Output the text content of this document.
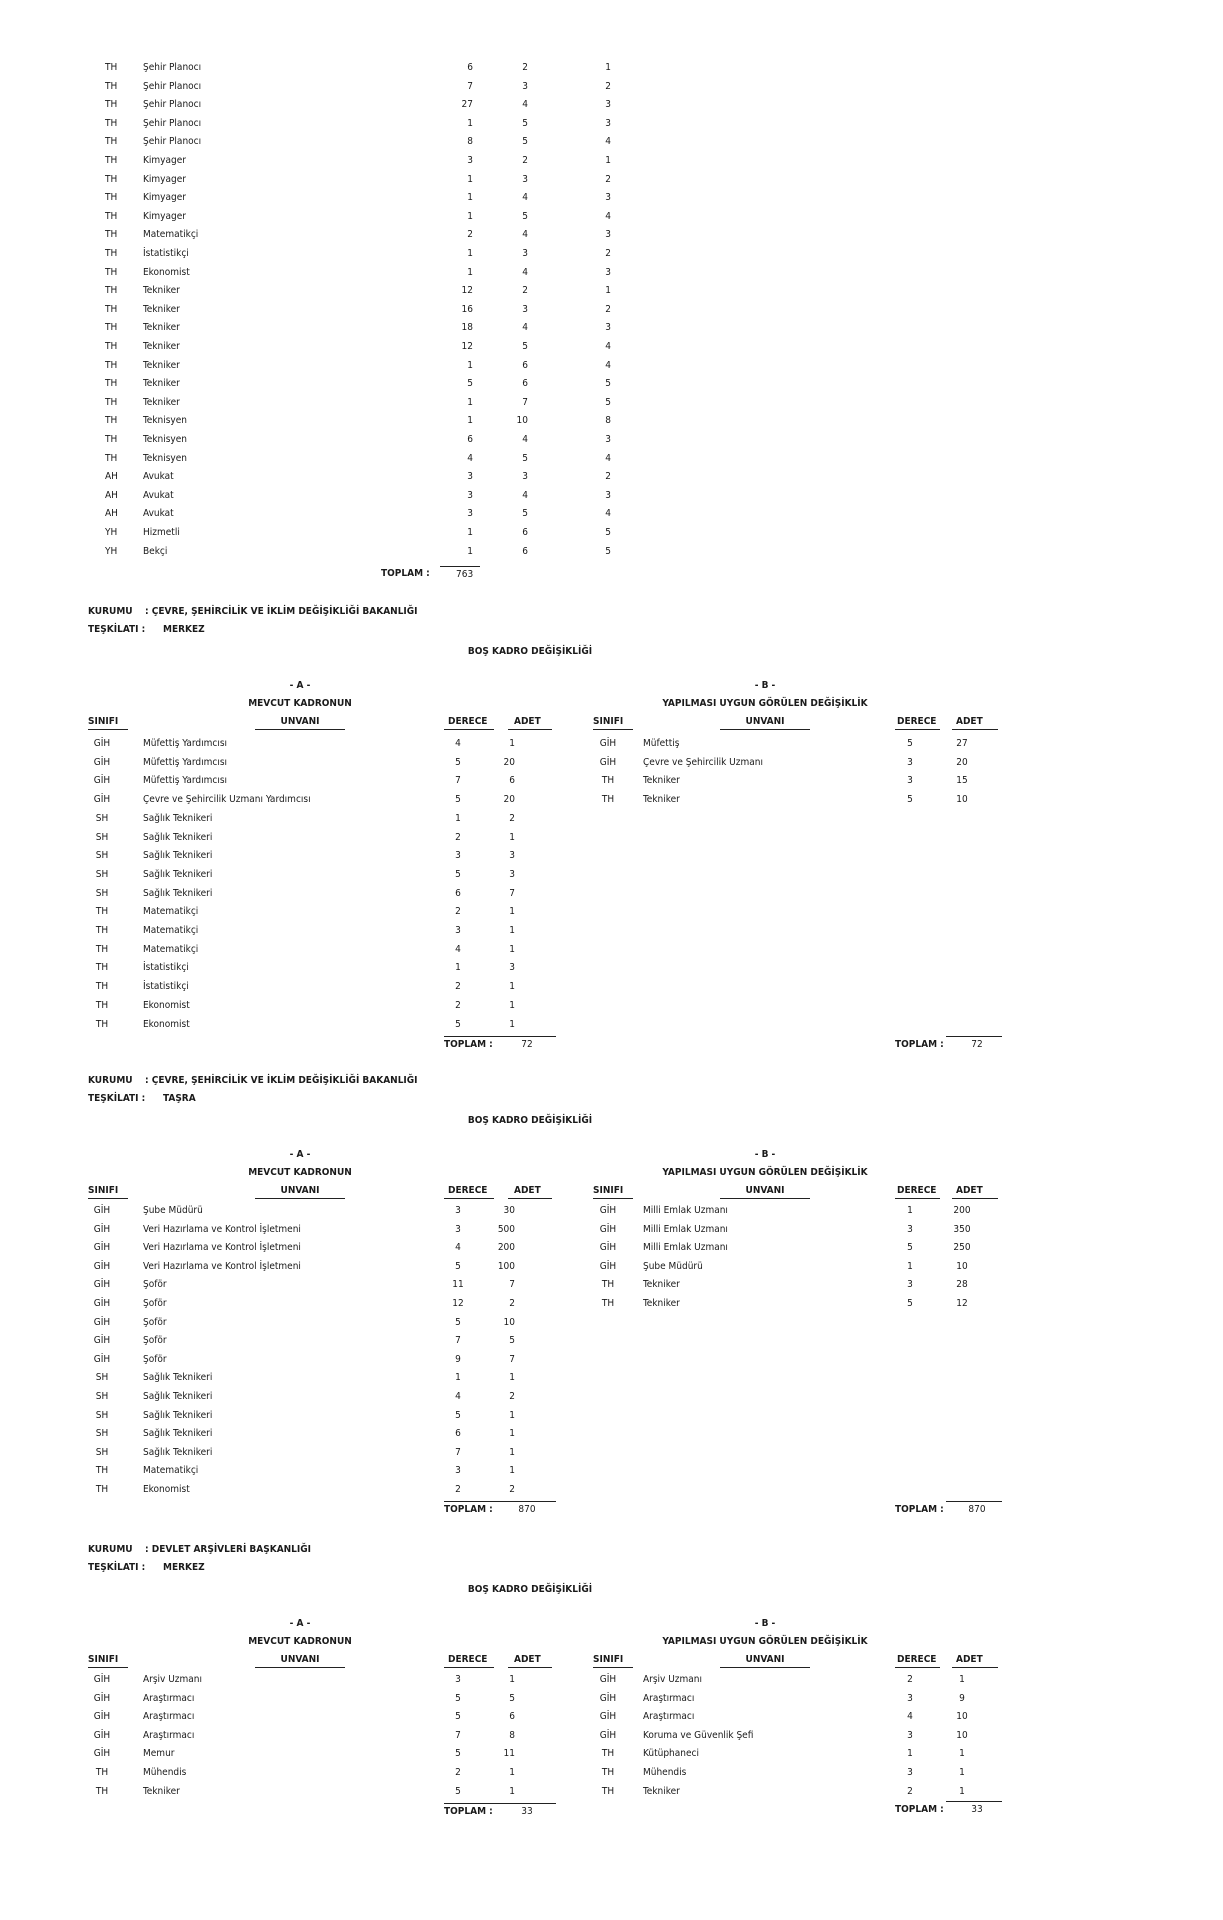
TH	Şehir Planocı	6	2	1
TH	Şehir Planocı	7	3	2
TH	Şehir Planocı	27	4	3
TH	Şehir Planocı	1	5	3
TH	Şehir Planocı	8	5	4
TH	Kimyager	3	2	1
TH	Kimyager	1	3	2
TH	Kimyager	1	4	3
TH	Kimyager	1	5	4
TH	Matematikçi	2	4	3
TH	İstatistikçi	1	3	2
TH	Ekonomist	1	4	3
TH	Tekniker	12	2	1
TH	Tekniker	16	3	2
TH	Tekniker	18	4	3
TH	Tekniker	12	5	4
TH	Tekniker	1	6	4
TH	Tekniker	5	6	5
TH	Tekniker	1	7	5
TH	Teknisyen	1	10	8
TH	Teknisyen	6	4	3
TH	Teknisyen	4	5	4
AH	Avukat	3	3	2
AH	Avukat	3	4	3
AH	Avukat	3	5	4
YH	Hizmetli	1	6	5
YH	Bekçi	1	6	5
TOPLAM :	763
KURUMU : ÇEVRE, ŞEHİRCİLİK VE İKLİM DEĞİŞİKLİĞİ BAKANLIĞI
TEŞKİLATI : MERKEZ
BOŞ KADRO DEĞİŞİKLİĞİ
- A -
MEVCUT KADRONUN
- B -
YAPILMASI UYGUN GÖRÜLEN DEĞİŞİKLİK
SINIFI	UNVANI	DERECE	ADET	SINIFI	UNVANI	DERECE ADET
GİH	Müfettiş Yardımcısı	4	1
GİH	Müfettiş Yardımcısı	5	20
GİH	Müfettiş Yardımcısı	7	6
GİH	Çevre ve Şehircilik Uzmanı Yardımcısı	5	20
SH	Sağlık Teknikeri	1	2
SH	Sağlık Teknikeri	2	1
SH	Sağlık Teknikeri	3	3
SH	Sağlık Teknikeri	5	3
SH	Sağlık Teknikeri	6	7
TH	Matematikçi	2	1
TH	Matematikçi	3	1
TH	Matematikçi	4	1
TH	İstatistikçi	1	3
TH	İstatistikçi	2	1
TH	Ekonomist	2	1
TH	Ekonomist	5	1
GİH	Müfettiş	5	27
GİH	Çevre ve Şehircilik Uzmanı	3	20
TH	Tekniker	3	15
TH	Tekniker	5	10
TOPLAM :	72	TOPLAM :	72
KURUMU : ÇEVRE, ŞEHİRCİLİK VE İKLİM DEĞİŞİKLİĞİ BAKANLIĞI
TEŞKİLATI : TAŞRA
BOŞ KADRO DEĞİŞİKLİĞİ
- A -
MEVCUT KADRONUN
- B -
YAPILMASI UYGUN GÖRÜLEN DEĞİŞİKLİK
SINIFI	UNVANI	DERECE	ADET	SINIFI	UNVANI	DERECE ADET
GİH	Şube Müdürü	3	30
GİH	Veri Hazırlama ve Kontrol İşletmeni	3	500
GİH	Veri Hazırlama ve Kontrol İşletmeni	4	200
GİH	Veri Hazırlama ve Kontrol İşletmeni	5	100
GİH	Şoför	11	7
GİH	Şoför	12	2
GİH	Şoför	5	10
GİH	Şoför	7	5
GİH	Şoför	9	7
SH	Sağlık Teknikeri	1	1
SH	Sağlık Teknikeri	4	2
SH	Sağlık Teknikeri	5	1
SH	Sağlık Teknikeri	6	1
SH	Sağlık Teknikeri	7	1
TH	Matematikçi	3	1
TH	Ekonomist	2	2
GİH	Milli Emlak Uzmanı	1	200
GİH	Milli Emlak Uzmanı	3	350
GİH	Milli Emlak Uzmanı	5	250
GİH	Şube Müdürü	1	10
TH	Tekniker	3	28
TH	Tekniker	5	12
TOPLAM :	870	TOPLAM :	870
KURUMU : DEVLET ARŞİVLERİ BAŞKANLIĞI
TEŞKİLATI : MERKEZ
BOŞ KADRO DEĞİŞİKLİĞİ
- A -
MEVCUT KADRONUN
- B -
YAPILMASI UYGUN GÖRÜLEN DEĞİŞİKLİK
SINIFI	UNVANI	DERECE	ADET	SINIFI	UNVANI	DERECE ADET
GİH	Arşiv Uzmanı	3	1
GİH	Araştırmacı	5	5
GİH	Araştırmacı	5	6
GİH	Araştırmacı	7	8
GİH	Memur	5	11
TH	Mühendis	2	1
TH	Tekniker	5	1
GİH	Arşiv Uzmanı	2	1
GİH	Araştırmacı	3	9
GİH	Araştırmacı	4	10
GİH	Koruma ve Güvenlik Şefi	3	10
TH	Kütüphaneci	1	1
TH	Mühendis	3	1
TH	Tekniker	2	1
TOPLAM :	33	TOPLAM :	33
